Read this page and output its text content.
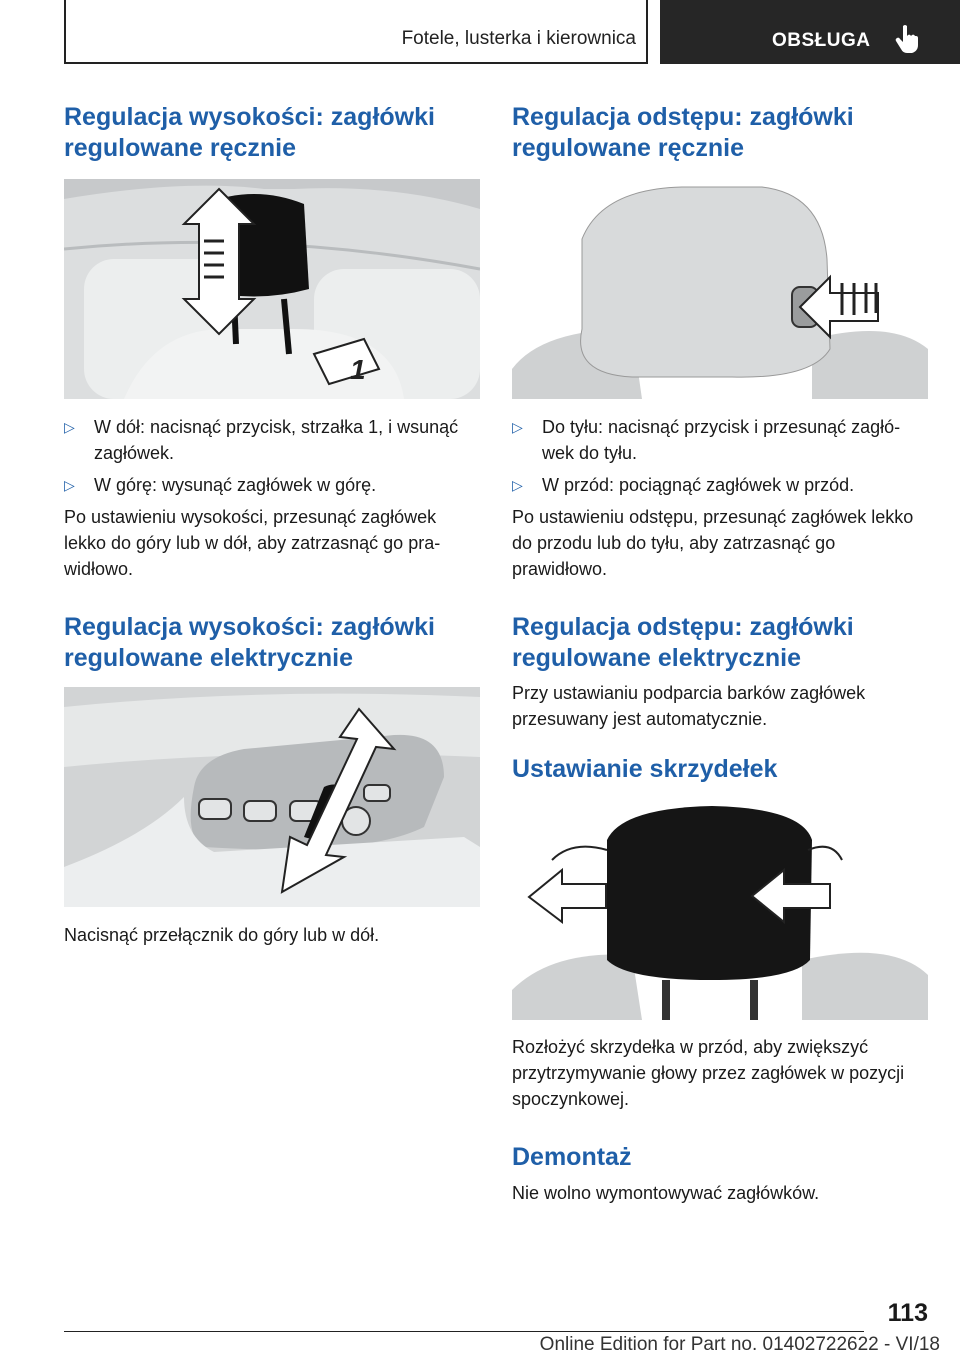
Fotele, lusterka i kierownica	OBSŁUGA
Regulacja wysokości: zagłówki regulowane ręcznie
1
▷ W dół: nacisnąć przycisk, strzałka 1, i wsunąć zagłówek.
▷ W górę: wysunąć zagłówek w górę.

Po ustawieniu wysokości, przesunąć zagłówek lekko do góry lub w dół, aby zatrzasnąć go pra‐widłowo.

Regulacja wysokości: zagłówki regulowane elektrycznie

Nacisnąć przełącznik do góry lub w dół.

Regulacja odstępu: zagłówki regulowane ręcznie
▷ Do tyłu: nacisnąć przycisk i przesunąć zagłó‐wek do tyłu.
▷ W przód: pociągnąć zagłówek w przód.

Po ustawieniu odstępu, przesunąć zagłówek lekko do przodu lub do tyłu, aby zatrzasnąć go prawidłowo.

Regulacja odstępu: zagłówki regulowane elektrycznie

Przy ustawianiu podparcia barków zagłówek przesuwany jest automatycznie.

Ustawianie skrzydełek

Rozłożyć skrzydełka w przód, aby zwiększyć przytrzymywanie głowy przez zagłówek w pozycji spoczynkowej.

Demontaż

Nie wolno wymontowywać zagłówków.

113
Online Edition for Part no. 01402722622 - VI/18
